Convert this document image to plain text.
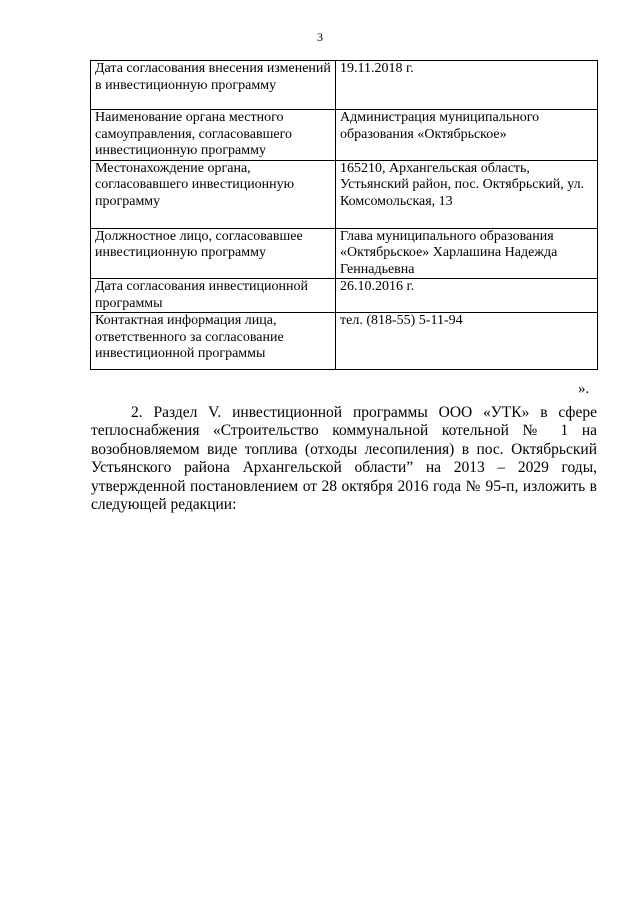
3
Дата согласования внесения изменений в инвестиционную программу	19.11.2018 г.
Наименование органа местного самоуправления, согласовавшего инвестиционную программу	Администрация муниципального образования «Октябрьское»
Местонахождение органа, согласовавшего инвестиционную программу	165210, Архангельская область, Устьянский район, пос. Октябрьский, ул. Комсомольская, 13
Должностное лицо, согласовавшее инвестиционную программу	Глава муниципального образования «Октябрьское» Харлашина Надежда Геннадьевна
Дата согласования инвестиционной программы	26.10.2016 г.
Контактная информация лица, ответственного за согласование инвестиционной программы	тел. (818-55) 5-11-94
».

2. Раздел V. инвестиционной программы ООО «УТК» в сфере теплоснабжения «Строительство коммунальной котельной № 1 на возобновляемом виде топлива (отходы лесопиления) в пос. Октябрьский Устьянского района Архангельской области” на 2013 – 2029 годы, утвержденной постановлением от 28 октября 2016 года № 95-п, изложить в следующей редакции:
